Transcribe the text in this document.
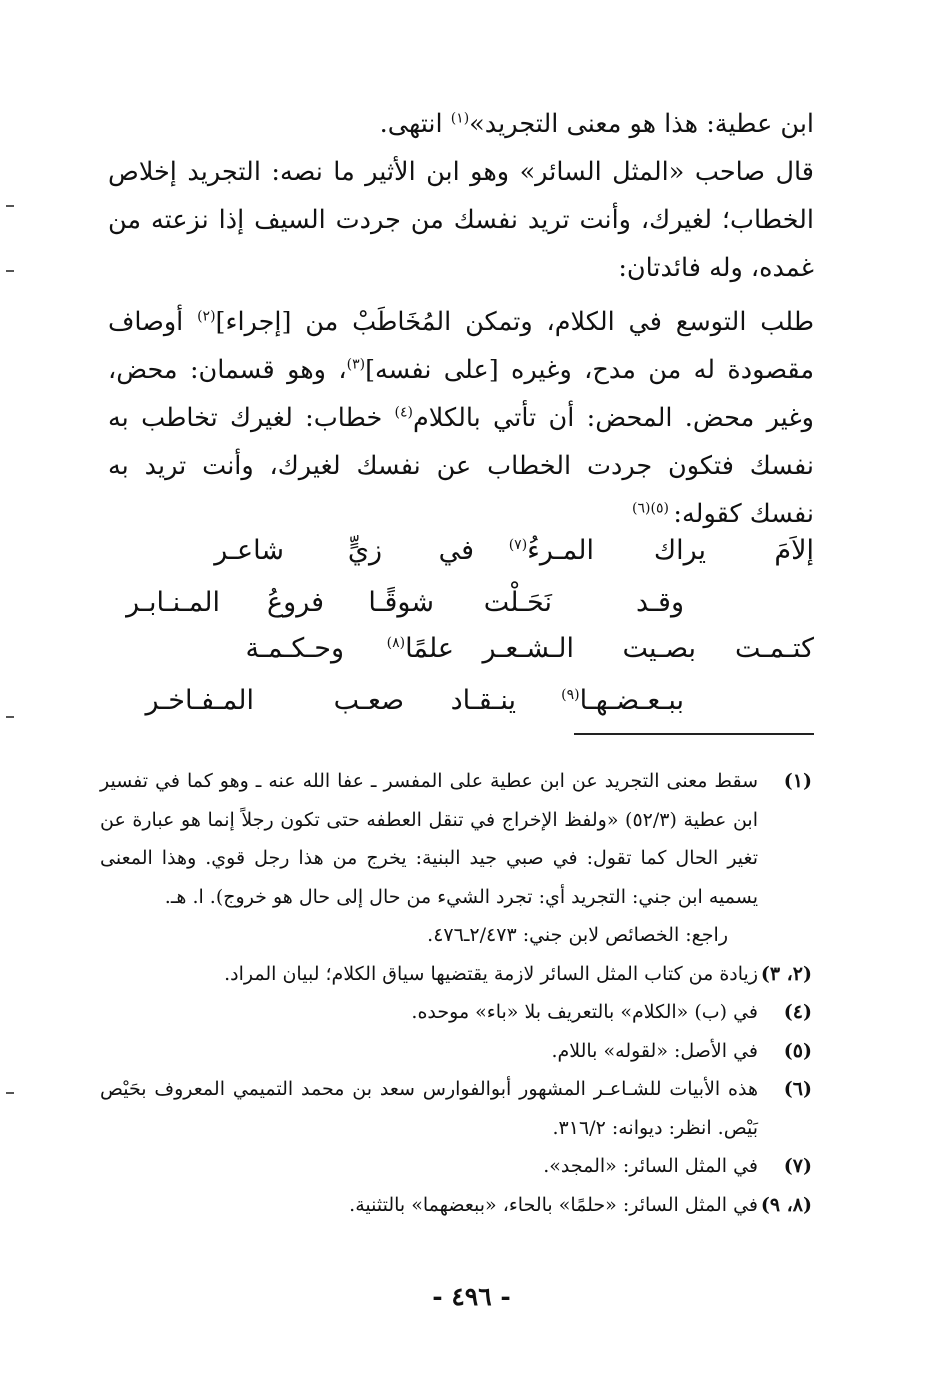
ابن عطية: هذا هو معنى التجريد»$^{(١)}$ انتهى.

قال صاحب «المثل السائر» وهو ابن الأثير ما نصه: التجريد إخلاص الخطاب؛ لغيرك، وأنت تريد نفسك من جردت السيف إذا نزعته من غمده، وله فائدتان:

طلب التوسع في الكلام، وتمكن المُخَاطَبْ من [إجراء]$^{(٢)}$ أوصاف مقصودة له من مدح، وغيره [على نفسه]$^{(٣)}$، وهو قسمان: محض، وغير محض. المحض: أن تأتي بالكلام$^{(٤)}$ خطاب: لغيرك تخاطب به نفسك فتكون جردت الخطاب عن نفسك لغيرك، وأنت تريد به نفسك كقوله: $^{(٥)(٦)}$

إلاَمَ
يراك
المـرءُ$^{(٧)}$
في
زيٍّ
شاعـر
وقـد
نَحَـلْت
شوقًـا
فروعُ
المـنـابـر
كتـمـت
بصـيت
الـشـعـر
علمًا$^{(٨)}$
وحـكـمـة
ببـعـضـهـا$^{(٩)}$
ينـقـاد
صعـب
المـفـاخـر
(١)
سقط معنى التجريد عن ابن عطية على المفسر ـ عفا الله عنه ـ وهو كما في تفسير ابن عطية (٥٢/٣) «ولفظ الإخراج في تنقل العطفه حتى تكون رجلاً إنما هو عبارة عن تغير الحال كما تقول: في صبي جيد البنية: يخرج من هذا رجل قوي. وهذا المعنى يسميه ابن جني: التجريد أي: تجرد الشيء من حال إلى حال هو خروج). ا. هـ.
راجع: الخصائص لابن جني: ٢/٤٧٣ـ٤٧٦.
(٢، ٣)
زيادة من كتاب المثل السائر لازمة يقتضيها سياق الكلام؛ لبيان المراد.
(٤)
في (ب) «الكلام» بالتعريف بلا «باء» موحده.
(٥)
في الأصل: «لقوله» باللام.
(٦)
هذه الأبيات للشـاعـر المشهور أبوالفوارس سعد بن محمد التميمي المعروف بحَيْص بَيْص. انظر: ديوانه: ٣١٦/٢.
(٧)
في المثل السائر: «المجد».
(٨، ٩)
في المثل السائر: «حلمًا» بالحاء، «ببعضهما» بالتثنية.
- ٤٩٦ -
